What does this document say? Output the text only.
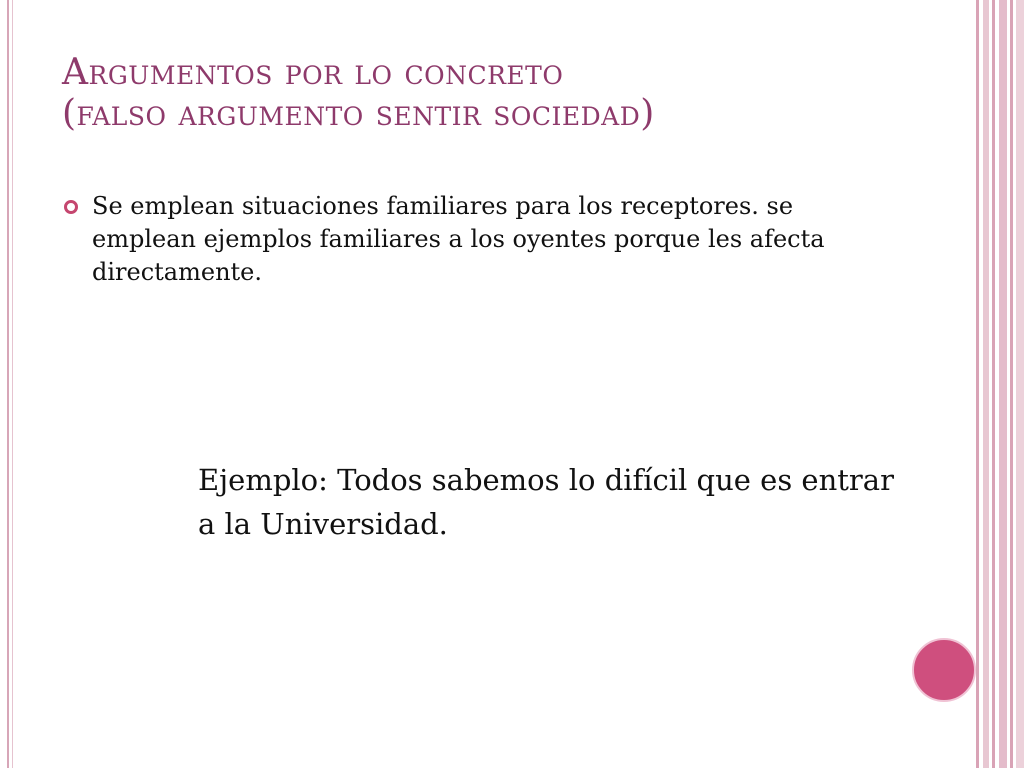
Argumentos por lo concreto
(falso argumento sentir sociedad)
Se emplean situaciones familiares para los receptores. se emplean ejemplos familiares a los oyentes porque les afecta directamente.
Ejemplo: Todos sabemos lo difícil que es entrar a la Universidad.
